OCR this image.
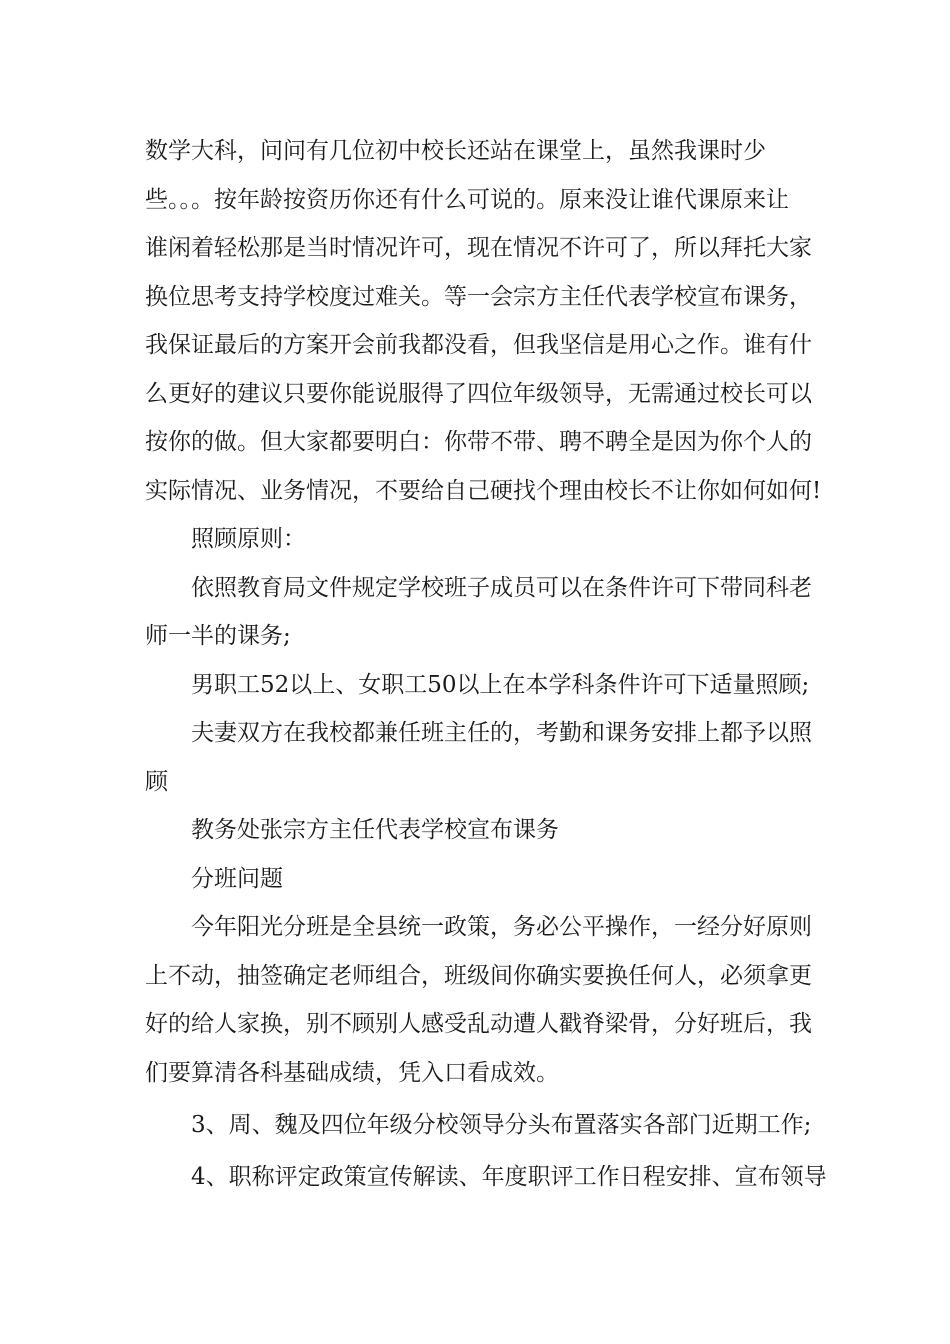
数学大科，问问有几位初中校长还站在课堂上，虽然我课时少
些。。。按年龄按资历你还有什么可说的。原来没让谁代课原来让
谁闲着轻松那是当时情况许可，现在情况不许可了，所以拜托大家
换位思考支持学校度过难关。等一会宗方主任代表学校宣布课务，
我保证最后的方案开会前我都没看，但我坚信是用心之作。谁有什
么更好的建议只要你能说服得了四位年级领导，无需通过校长可以
按你的做。但大家都要明白：你带不带、聘不聘全是因为你个人的
实际情况、业务情况，不要给自己硬找个理由校长不让你如何如何!
照顾原则：
依照教育局文件规定学校班子成员可以在条件许可下带同科老
师一半的课务;
男职工52以上、女职工50以上在本学科条件许可下适量照顾;
夫妻双方在我校都兼任班主任的，考勤和课务安排上都予以照
顾
教务处张宗方主任代表学校宣布课务
分班问题
今年阳光分班是全县统一政策，务必公平操作，一经分好原则
上不动，抽签确定老师组合，班级间你确实要换任何人，必须拿更
好的给人家换，别不顾别人感受乱动遭人戳脊梁骨，分好班后，我
们要算清各科基础成绩，凭入口看成效。
3、周、魏及四位年级分校领导分头布置落实各部门近期工作;
4、职称评定政策宣传解读、年度职评工作日程安排、宣布领导
